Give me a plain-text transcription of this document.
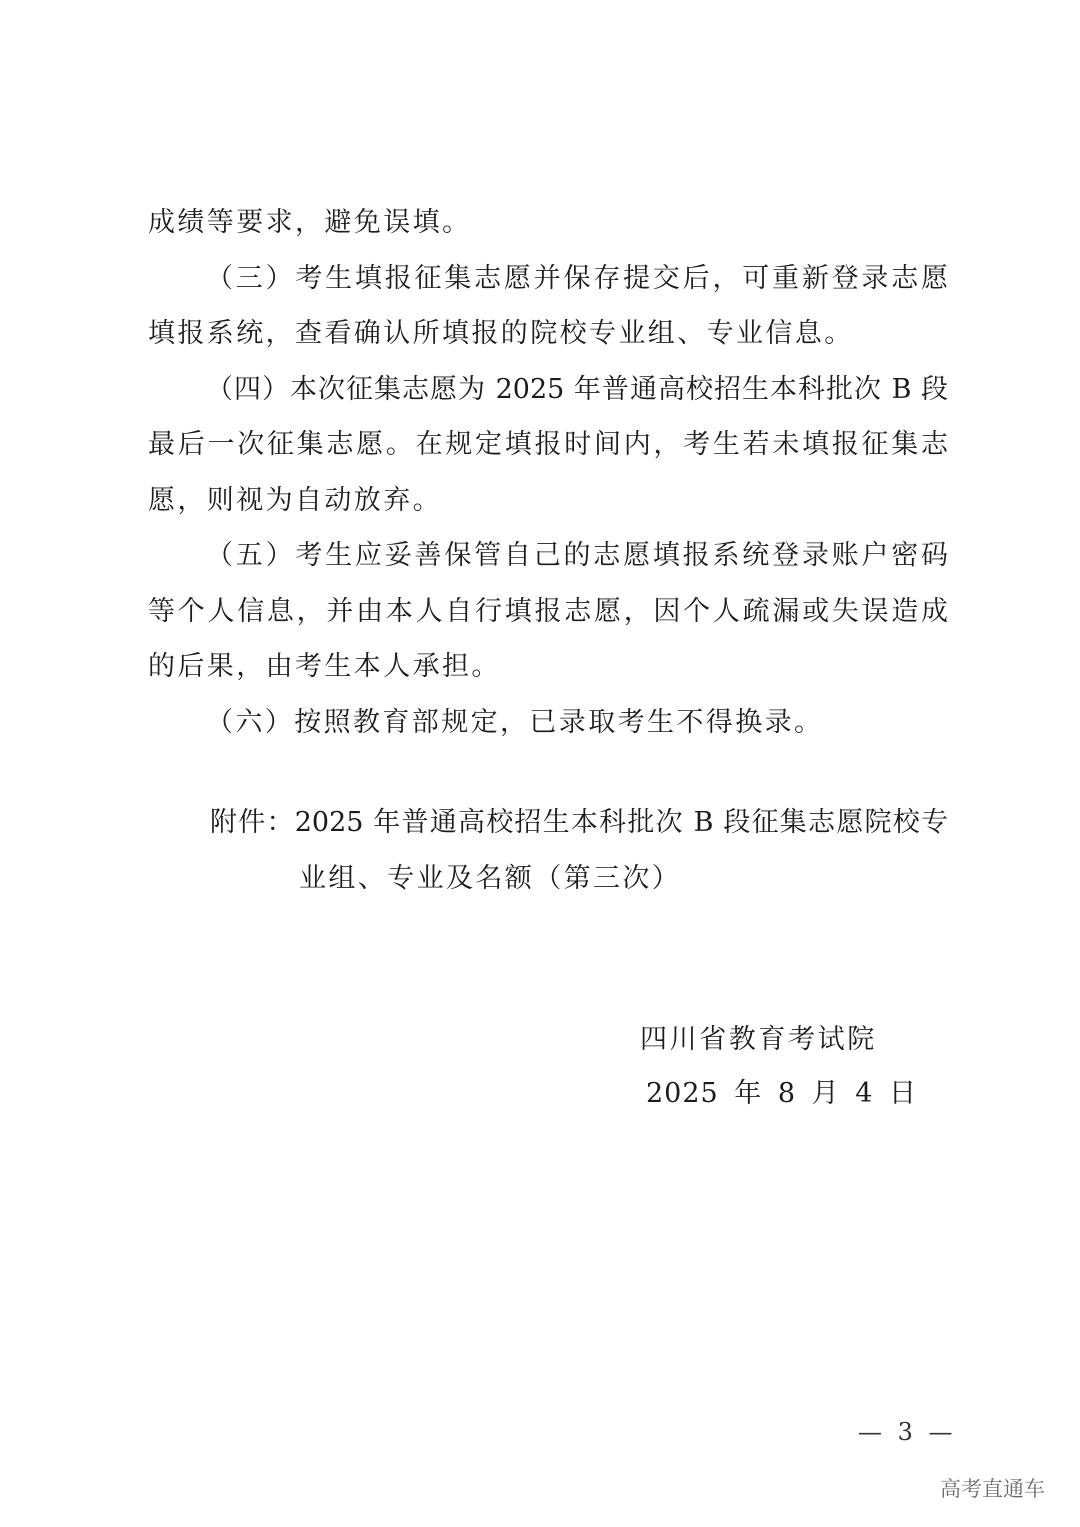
成绩等要求，避免误填。
（三）考生填报征集志愿并保存提交后，可重新登录志愿
填报系统，查看确认所填报的院校专业组、专业信息。
（四）本次征集志愿为 2025 年普通高校招生本科批次 B 段
最后一次征集志愿。在规定填报时间内，考生若未填报征集志
愿，则视为自动放弃。
（五）考生应妥善保管自己的志愿填报系统登录账户密码
等个人信息，并由本人自行填报志愿，因个人疏漏或失误造成
的后果，由考生本人承担。
（六）按照教育部规定，已录取考生不得换录。
附件：2025 年普通高校招生本科批次 B 段征集志愿院校专
业组、专业及名额（第三次）
四川省教育考试院
2025 年 8 月 4 日
— 3 —
高考直通车
